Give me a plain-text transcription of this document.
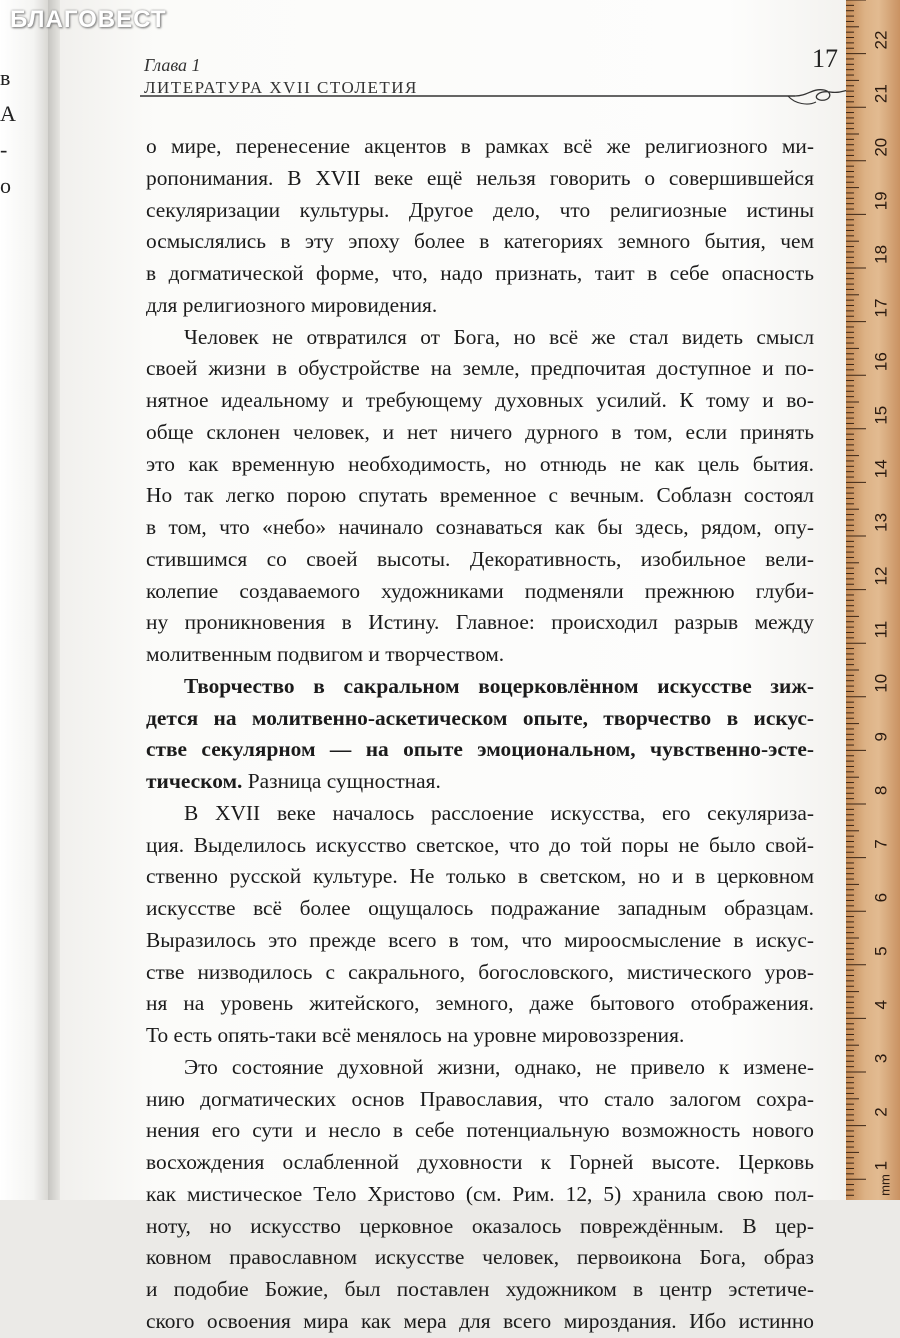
в
А
-
о
БЛАГОВЕСТ
Глава 1
ЛИТЕРАТУРА XVII СТОЛЕТИЯ
17
о мире, перенесение акцентов в рамках всё же религиозного ми-
ропонимания. В XVII веке ещё нельзя говорить о совершившейся
секуляризации культуры. Другое дело, что религиозные истины
осмыслялись в эту эпоху более в категориях земного бытия, чем
в догматической форме, что, надо признать, таит в себе опасность
для религиозного мировидения.
Человек не отвратился от Бога, но всё же стал видеть смысл
своей жизни в обустройстве на земле, предпочитая доступное и по-
нятное идеальному и требующему духовных усилий. К тому и во-
обще склонен человек, и нет ничего дурного в том, если принять
это как временную необходимость, но отнюдь не как цель бытия.
Но так легко порою спутать временное с вечным. Соблазн состоял
в том, что «небо» начинало сознаваться как бы здесь, рядом, опу-
стившимся со своей высоты. Декоративность, изобильное вели-
колепие создаваемого художниками подменяли прежнюю глуби-
ну проникновения в Истину. Главное: происходил разрыв между
молитвенным подвигом и творчеством.
Творчество в сакральном воцерковлённом искусстве зиж-
дется на молитвенно-аскетическом опыте, творчество в искус-
стве секулярном — на опыте эмоциональном, чувственно-эсте-
тическом. Разница сущностная.
В XVII веке началось расслоение искусства, его секуляриза-
ция. Выделилось искусство светское, что до той поры не было свой-
ственно русской культуре. Не только в светском, но и в церковном
искусстве всё более ощущалось подражание западным образцам.
Выразилось это прежде всего в том, что мироосмысление в искус-
стве низводилось с сакрального, богословского, мистического уров-
ня на уровень житейского, земного, даже бытового отображения.
То есть опять-таки всё менялось на уровне мировоззрения.
Это состояние духовной жизни, однако, не привело к измене-
нию догматических основ Православия, что стало залогом сохра-
нения его сути и несло в себе потенциальную возможность нового
восхождения ослабленной духовности к Горней высоте. Церковь
как мистическое Тело Христово (см. Рим. 12, 5) хранила свою пол-
ноту, но искусство церковное оказалось повреждённым. В цер-
ковном православном искусстве человек, первоикона Бога, образ
и подобие Божие, был поставлен художником в центр эстетиче-
ского освоения мира как мера для всего мироздания. Ибо истинно
22
21
20
19
18
17
16
15
14
13
12
11
10
9
8
7
6
5
4
3
2
1
mm
